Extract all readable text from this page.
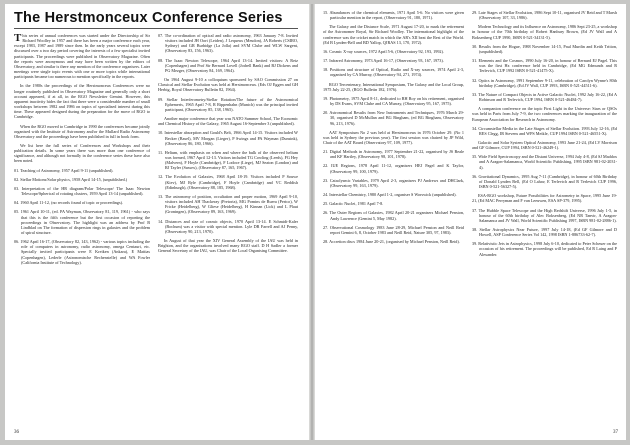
The Herstmonceux Conference Series

This series of annual conferences was started under the Directorship of Sir Richard Woolley in 1957 and there has been a major conference each year, except 1983, 1987 and 1989 since then. In the early years several topics were discussed over a two day period covering the interests of a few specialist invited participants. The proceedings were published in Observatory Magazine. Often the reports were anonymous and may have been written by the editors of Observatory, and similar is there any mention of the conference organisers. Later meetings were single topic events with one or more topics while international participants became too numerous to mention specifically in the reports.

In the 1980s the proceedings of the Herstmonceux Conferences were no longer routinely published in Observatory Magazine and generally only a short account appeared, if at all, in the RGO Newsletter Gemini. However, this apparent inactivity hides the fact that there were a considerable number of small workshops between 1982 and 1986 on topics of specialised interest during this time. These appeared designed during the preparation for the move of RGO to Cambridge.

When the RGO moved to Cambridge in 1990 the conferences became jointly organised with the Institute of Astronomy and/or the Mullard Radio Astronomy Observatory and the proceedings have been published in full in book form.

We list here the full series of Conferences and Workshops and their publication details. In some years there was more than one conference of significance, and although not formally in the conference series these have also been noted.

01. Teaching of Astronomy, 1957 April 9-11 (unpublished).

02. Stellar Motions/Solar physics, 1958 April 14-15, (unpublished.)

03. Interpretation of the HR diagram/Polar Telescope/ The Isaac Newton Telescope/Spherical of rotating clusters, 1959 April 13-14 (unpublished).

04. 1960 April 11-12, (no records found of topic or proceedings).

05. 1961 April 10-11, (ed. PA Wayman, Observatory 81, 119, 1961) - who says that this is the fifth conference but the first occasion of reporting the proceedings in Observatory. The highlight was an address by Prof B Lindblad on The formation of dispersion rings in galaxies and the problem of spiral structure.

06. 1962 April 16-17, (Observatory 82, 143, 1962) - various topics including the role of computers in astronomy, radio astronomy, omega Centauri, etc. Specially invited participants were E Kreiken (Ankara), E Mattias (Copenhagen), Lederle (Astronomische Rechenstelle) and WA Fowler (California Institute of Technology).

07. The co-ordination of optical and radio astronomy, 1963 January 7-8. Invited visitors included JH Oort (Leiden), J Lequeux (Meudon), JA Roberts (CSIRO, Sydney) and GR Burbidge (La Jolla) and SVM Clube and WLW Sargent, (Observatory 83, 156, 1963).

08. The Isaac Newton Telescope, 1964 April 13-14. Invited visitors: A Reiz (Copenhagen) and Prof Sir Bernard Lovell (Jodrell Bank) and BJ Dickens and PG Mezger, (Observatory 84, 169, 1964).

On 1964 August 9-10 a colloquium sponsored by SAO Commission 27 on Classical and Stellar Evolution was held at Herstmonceux. (Eds OJ Eggen and GH Herbig, Royal Observatory Bulletin 82, 1964).

09. Stellar Interferometry/Stellar Rotation/The future of the Astronomical Ephemeris, 1965 April 7-8, R Rippenhahn (Munich) was the principal invited participant, (Observatory 85, 138, 1965).

Another major conference that year was NATO Summer School, The Economic and Chemical History of the Galaxy, 1965 August 16-September 3 (unpublished).

10. Interstellar absorption and Gould's Belt, 1966 April 14-15. Visitors included W Becker (Basel), MV Morgan (Lieger), P Swings and PA Wayman (Dunsink), (Observatory 86, 180, 1966).

11. Helium, with emphasis on when and where the bulk of the observed helium was formed, 1967 April 12-13. Visitors included TG Cowling (Leeds), FG Hey (Malvern), F Hoyle (Cambridge), F Lodoce (Liege), MJ Seaton (London) and RJ Tayler (Sussex), (Observatory 87, 165, 1967).

12. The Evolution of Galaxies, 1968 April 18-19. Visitors included P Souwe (Kiev), MJ Ryle (Cambridge), F Hoyle (Cambridge) and VC Reddish (Edinburgh), (Observatory 88, 185, 1968).

13. The astronomy of position, occultation and proper motion, 1969 April 9-10, visitors included AH Thackeray (Pretoria), MG Pomins de Ruera (Perico), W Fricke (Heidelberg), W Gliese (Heidelberg), H Kinnan (Lick) and L Plaut (Groningen), (Observatory 89, 163, 1969).

14. Distances and size of cosmic objects, 1970 April 13-14. E Schmidt-Kaler (Bochum) was a visitor with special mention. Lyle DR Farrell and AJ Penny, (Observatory 90, 213, 1970).

In August of that year the XIV General Assembly of the IAU was held in Brighton, and the organisations involved many RGO staff. D H Sadler a former General Secretary of the IAU, was Chair of the Local Organising Committee.

36

15. Abundances of the chemical elements, 1971 April 5-6. No visitors were given particular mention in the report, (Observatory 91, 180, 1971).

The Galaxy and the Distance Scale, 1971 August 17-20, to mark the retirement of the Astronomer Royal, Sir Richard Woolley. The international highlight of the conference was the cricket match in which the AR's XII beat the Rest of the World. (Ed B Lynden-Bell and BD Yallop, QJRAS 13, 170, 1972).

16. Cosmic X-ray sources, 1972 April 5-6, (Observatory 92, 193, 1992).

17. Infrared Astronomy, 1973 April 16-17, (Observatory 93, 167, 1973).

18. Positions and structure of Optical, Radio and X-ray sources, 1974 April 2-3, organised by CA Murray, (Observatory 94, 271, 1974).

RGO Tercentenary, International Symposium, The Galaxy and the Local Group, 1975 July 22-25, (RGO Bulletin 182, 1976).

19. Photometry, 1975 April 8-11, dedicated to RH Roy on his retirement, organised by DS Evans, SVM Clube and CA Murray, (Observatory 95, 167, 1975).

20. Astronomical Results from New Instruments and Techniques, 1976 March 29-30, organised D McMullan and BG Bingham, (ed BG Bingham, Observatory 96, 213, 1976).

AAT Symposium No 2 was held at Herstmonceux in 1976 October 29. (No 1 was held in Sydney the previous year). The first session was chaired by JP Wild, Chair of the AAT Board (Observatory 97, 109, 1977).

21. Digital Methods in Astronomy, 1977 September 21-22, organised by JS Beale and KF Hartley, (Observatory 98, 101, 1978).

22. IUE Regions, 1978 April 11-12, organisers HEJ Pagel and K Taylor, (Observatory 99, 100, 1979).

23. Cataclysmic Variables, 1979 April 2-3, organisers PJ Andrews and DHClark, (Observatory 99, 163, 1979).

24. Interstellar Chemistry, 1980 April 1-2, organiser S Worswick (unpublished).

25. Galactic Nuclei, 1981 April 7-8.

26. The Outer Regions of Galaxies, 1982 April 20-21 organisers Michael Penston, Andy Lawrence (Gemini 5, May 1982).

27. Observational Cosmology 1983 June 28-29, Michael Penston and Neill Reid report Gemini 6, 8, October 1983 and Neill Reid, Nature 305, 97, 1983).

28. Accretion discs 1984 June 20-21, (organised by Michael Penston, Neill Reid).

29. Late Stages of Stellar Evolution, 1986 Sept 10-11, organised JV Reid and T Marsh (Observatory 107, 33, 1986).

Modern Technology and its Influence on Astronomy, 1986 Sept 23-25, a workshop in honour of the 70th birthday of Robert Hanbury Brown, (Ed JV Wall and A Boksenberg CUP 1990, ISBN 0-521-34131-5).

30. Results from the Hogue, 1988 November 14-15, Paul Murdin and Keith Tritton, (unpublished).

31. Elements and the Cosmos, 1990 July 16-20, in honour of Bernard EJ Pagel. This was the first Hx conference held in Cambridge, (Ed MG Edmunds and R Terlevich, CUP 1992 ISBN 0-521-41475-X).

32. Optics in Astronomy, 1991 September 9-11, celebration of Carolyn Wynne's 80th birthday (Cambridge), (Ed JV Wall, CUP 1993, ISBN 0-521-44511-6).

33. The Nature of Compact Objects in Active Galactic Nuclei, 1992 July 16-22, (Ed A Robinson and R Terlevich, CUP 1994, ISBN 0-521-46484-7).

A companion conference on the topic First Light in the Universe: Stars or QSOs was held in Paris from July 7-9, the two conferences marking the inauguration of the European Association for Research in Astronomy.

34. Circumstellar Media in the Late Stages of Stellar Evolution. 1993 July 12-16, (Ed RES Clegg, IR Stevens and WPS Meikle, CUP 1994 ISBN 0-521-46551-X).

Galactic and Solar System Optical Astronomy, 1993 June 21-24, (Ed LV Morrison and GF Gilmore, CUP 1994, ISBN 0-521-46249-1).

35. Wide Field Spectroscopy and the Distant Universe, 1994 July 4-8, (Ed SJ Maddox and A Aragon-Salamanca, World Scientific Publishing, 1995 ISBN 981-02-2031-4).

36. Gravitational Dynamics, 1995 Aug 7-11 (Cambridge), in honour of 60th Birthday of Donald Lynden Bell, (Ed O Lahav, E Terlevich and R Terlevich CUP 1996, ISBN 0-521-56327-5).

ESA-RGO workshop, Future Possibilities for Astrometry in Space, 1995 June 19-21, (Ed MAC Perryman and F van Leeuwen, ESA SP-379, 1995).

37. The Hubble Space Telescope and the High Redshift Universe, 1996 July 1-5, in honour of the 60th birthday of Alec Boksenberg, (Ed NR Tanvir, A Aragon-Salamanca and JV Wall, World Scientific Publishing 1997, ISBN 981-02-2886-1).

38. Stellar Astrophysics Near Future, 1997 July 14-18, (Ed GF Gilmore and D Howell, ASP Conference Series Vol 142, 1998 ISBN 1-886733-62-7).

39. Relativistic Jets in Astrophysics, 1998 July 6-10, dedicated to Peter Scheuer on the occasion of his retirement. The proceedings will be published, Ed R Laing and P Alexander.

37
